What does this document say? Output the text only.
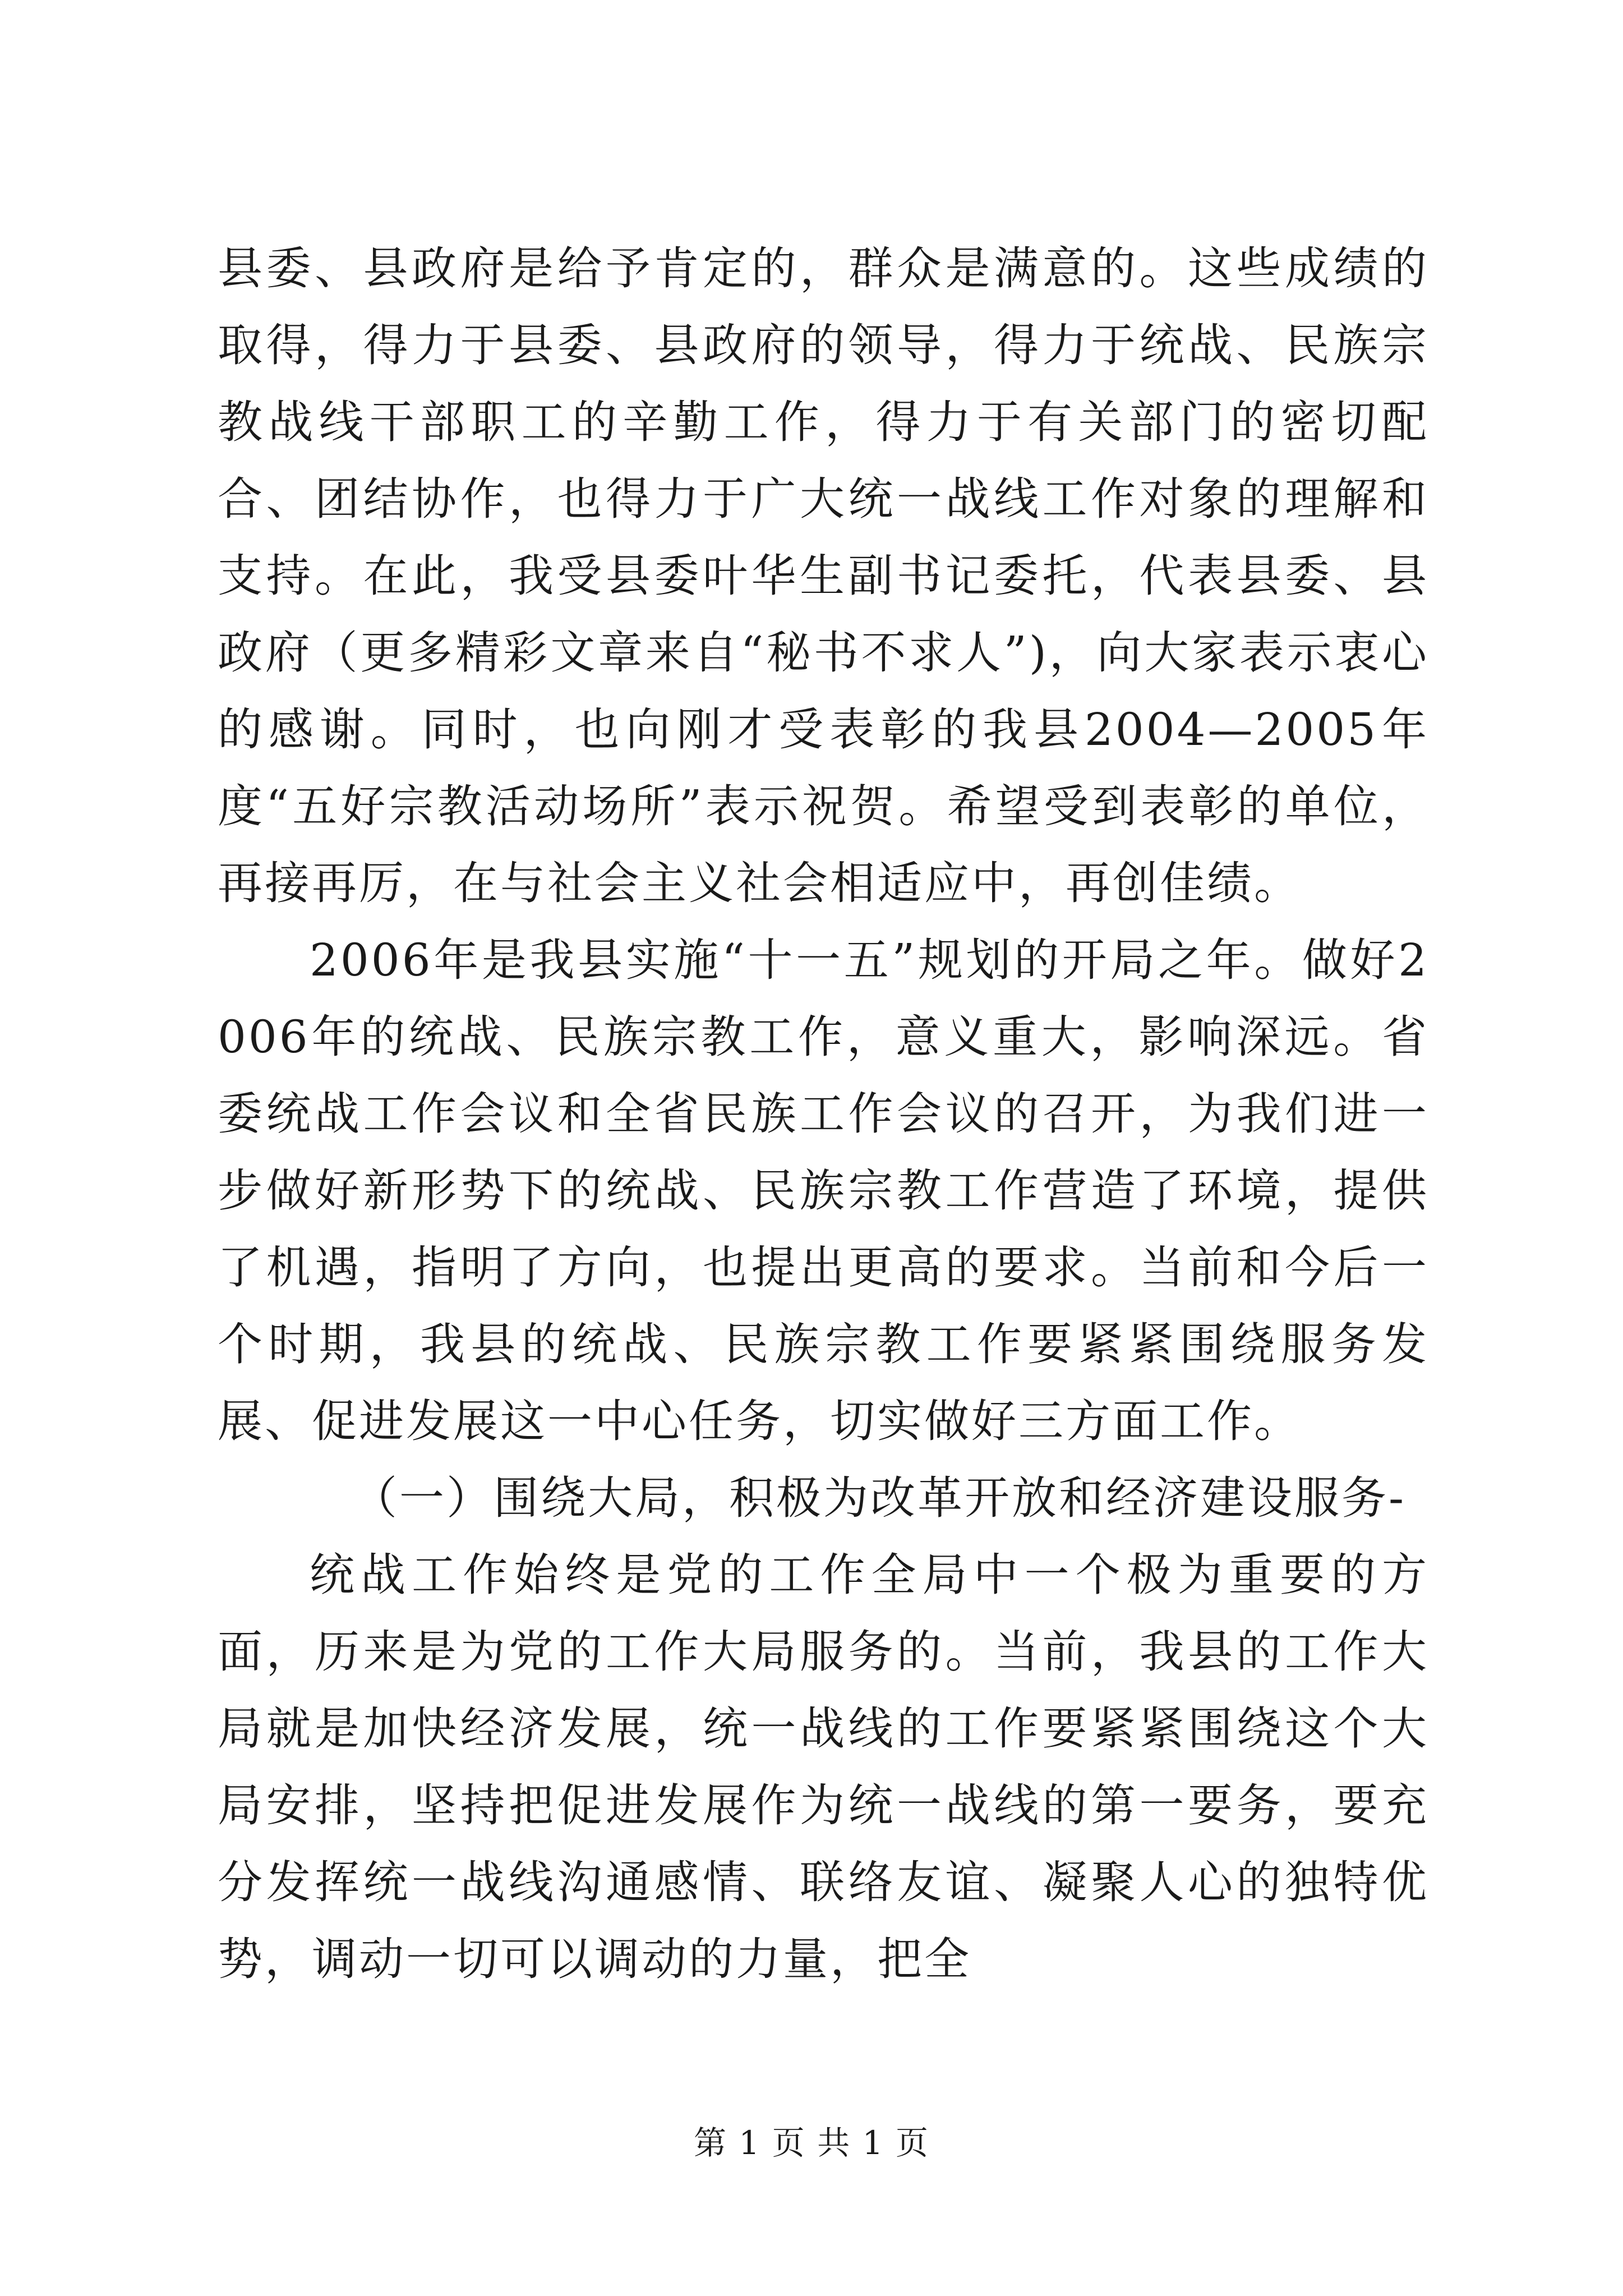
县委、县政府是给予肯定的，群众是满意的。这些成绩的取得，得力于县委、县政府的领导，得力于统战、民族宗教战线干部职工的辛勤工作，得力于有关部门的密切配合、团结协作，也得力于广大统一战线工作对象的理解和支持。在此，我受县委叶华生副书记委托，代表县委、县政府（更多精彩文章来自“秘书不求人”)，向大家表示衷心的感谢。同时，也向刚才受表彰的我县2004—2005年度“五好宗教活动场所”表示祝贺。希望受到表彰的单位，再接再厉，在与社会主义社会相适应中，再创佳绩。

2006年是我县实施“十一五”规划的开局之年。做好2006年的统战、民族宗教工作，意义重大，影响深远。省委统战工作会议和全省民族工作会议的召开，为我们进一步做好新形势下的统战、民族宗教工作营造了环境，提供了机遇，指明了方向，也提出更高的要求。当前和今后一个时期，我县的统战、民族宗教工作要紧紧围绕服务发展、促进发展这一中心任务，切实做好三方面工作。

（一）围绕大局，积极为改革开放和经济建设服务-

统战工作始终是党的工作全局中一个极为重要的方面，历来是为党的工作大局服务的。当前，我县的工作大局就是加快经济发展，统一战线的工作要紧紧围绕这个大局安排，坚持把促进发展作为统一战线的第一要务，要充分发挥统一战线沟通感情、联络友谊、凝聚人心的独特优势，调动一切可以调动的力量，把全

第 1 页 共 1 页
